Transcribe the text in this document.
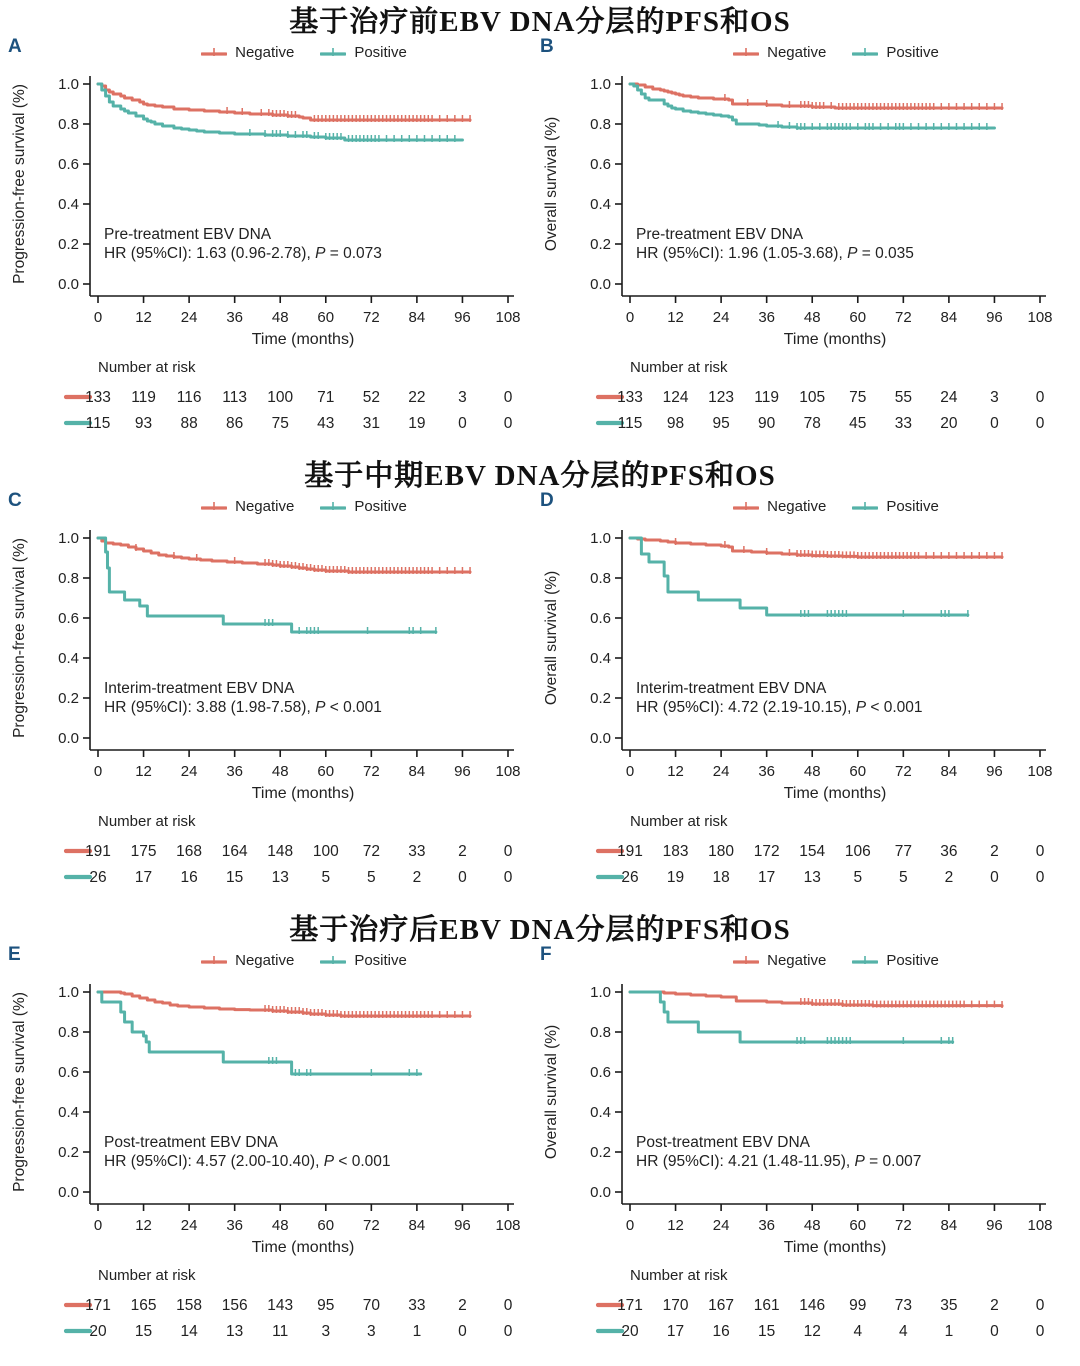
基于治疗前EBV DNA分层的PFS和OS
A	Negative	Positive
0.0
0.2
0.4
0.6
0.8
1.0
0 12 24 36 48 60 72 84 96 108
Time (months)
Progression-free survival (%)	Pre-treatment EBV DNA
HR (95%CI): 1.63 (0.96-2.78), P = 0.073
Number at risk
133 119 116 113 100 71 52 22 3 0
115 93 88 86 75 43 31 19 0 0
B	Negative	Positive
0.0
0.2
0.4
0.6
0.8
1.0
0 12 24 36 48 60 72 84 96 108
Time (months)
Overall survival (%)	Pre-treatment EBV DNA
HR (95%CI): 1.96 (1.05-3.68), P = 0.035
Number at risk
133 124 123 119 105 75 55 24 3 0
115 98 95 90 78 45 33 20 0 0
基于中期EBV DNA分层的PFS和OS
C	Negative	Positive
0.0
0.2
0.4
0.6
0.8
1.0
0 12 24 36 48 60 72 84 96 108
Time (months)
Progression-free survival (%)	Interim-treatment EBV DNA
HR (95%CI): 3.88 (1.98-7.58), P < 0.001
Number at risk
191 175 168 164 148 100 72 33 2 0
26 17 16 15 13 5 5 2 0 0
D	Negative	Positive
0.0
0.2
0.4
0.6
0.8
1.0
0 12 24 36 48 60 72 84 96 108
Time (months)
Overall survival (%)	Interim-treatment EBV DNA
HR (95%CI): 4.72 (2.19-10.15), P < 0.001
Number at risk
191 183 180 172 154 106 77 36 2 0
26 19 18 17 13 5 5 2 0 0
基于治疗后EBV DNA分层的PFS和OS
E	Negative	Positive
0.0
0.2
0.4
0.6
0.8
1.0
0 12 24 36 48 60 72 84 96 108
Time (months)
Progression-free survival (%)	Post-treatment EBV DNA
HR (95%CI): 4.57 (2.00-10.40), P < 0.001
Number at risk
171 165 158 156 143 95 70 33 2 0
20 15 14 13 11 3 3 1 0 0
F	Negative	Positive
0.0
0.2
0.4
0.6
0.8
1.0
0 12 24 36 48 60 72 84 96 108
Time (months)
Overall survival (%)	Post-treatment EBV DNA
HR (95%CI): 4.21 (1.48-11.95), P = 0.007
Number at risk
171 170 167 161 146 99 73 35 2 0
20 17 16 15 12 4 4 1 0 0
